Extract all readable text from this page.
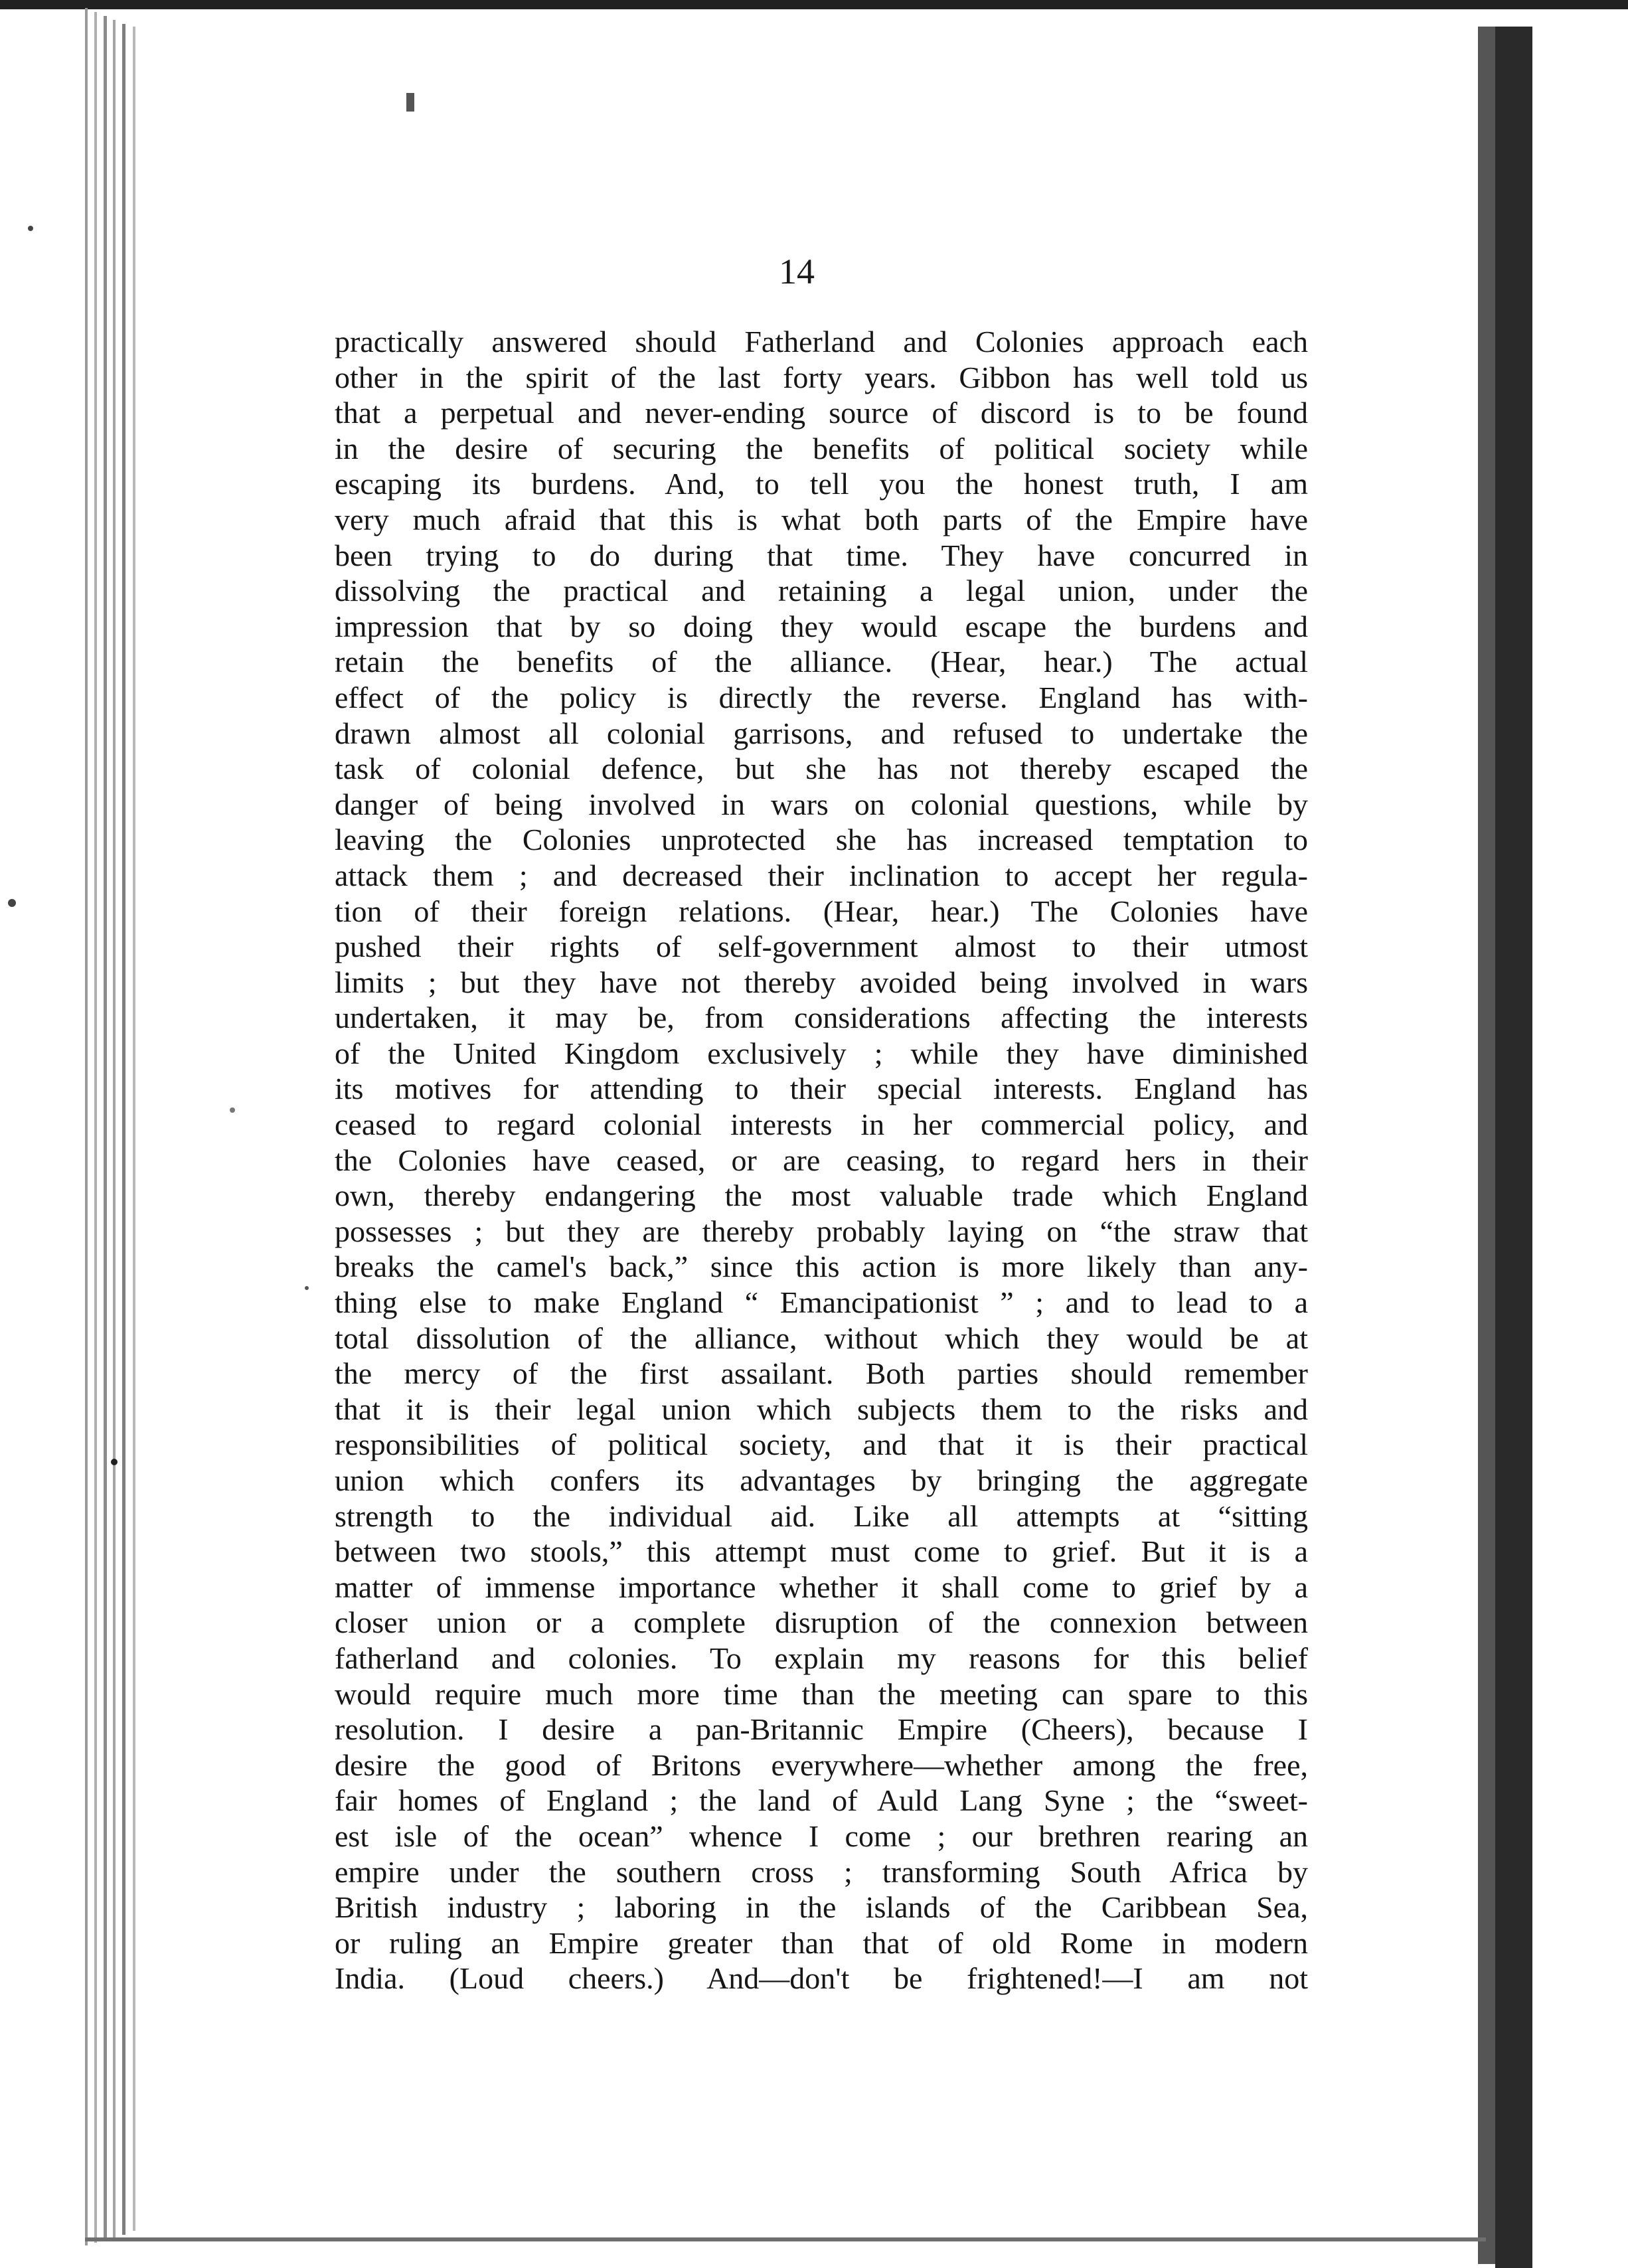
14
practically answered should Fatherland and Colonies approach each
other in the spirit of the last forty years. Gibbon has well told us
that a perpetual and never-ending source of discord is to be found
in the desire of securing the benefits of political society while
escaping its burdens. And, to tell you the honest truth, I am
very much afraid that this is what both parts of the Empire have
been trying to do during that time. They have concurred in
dissolving the practical and retaining a legal union, under the
impression that by so doing they would escape the burdens and
retain the benefits of the alliance. (Hear, hear.) The actual
effect of the policy is directly the reverse. England has with-
drawn almost all colonial garrisons, and refused to undertake the
task of colonial defence, but she has not thereby escaped the
danger of being involved in wars on colonial questions, while by
leaving the Colonies unprotected she has increased temptation to
attack them ; and decreased their inclination to accept her regula-
tion of their foreign relations. (Hear, hear.) The Colonies have
pushed their rights of self-government almost to their utmost
limits ; but they have not thereby avoided being involved in wars
undertaken, it may be, from considerations affecting the interests
of the United Kingdom exclusively ; while they have diminished
its motives for attending to their special interests. England has
ceased to regard colonial interests in her commercial policy, and
the Colonies have ceased, or are ceasing, to regard hers in their
own, thereby endangering the most valuable trade which England
possesses ; but they are thereby probably laying on “the straw that
breaks the camel's back,” since this action is more likely than any-
thing else to make England “ Emancipationist ” ; and to lead to a
total dissolution of the alliance, without which they would be at
the mercy of the first assailant. Both parties should remember
that it is their legal union which subjects them to the risks and
responsibilities of political society, and that it is their practical
union which confers its advantages by bringing the aggregate
strength to the individual aid. Like all attempts at “sitting
between two stools,” this attempt must come to grief. But it is a
matter of immense importance whether it shall come to grief by a
closer union or a complete disruption of the connexion between
fatherland and colonies. To explain my reasons for this belief
would require much more time than the meeting can spare to this
resolution. I desire a pan-Britannic Empire (Cheers), because I
desire the good of Britons everywhere—whether among the free,
fair homes of England ; the land of Auld Lang Syne ; the “sweet-
est isle of the ocean” whence I come ; our brethren rearing an
empire under the southern cross ; transforming South Africa by
British industry ; laboring in the islands of the Caribbean Sea,
or ruling an Empire greater than that of old Rome in modern
India. (Loud cheers.) And—don't be frightened!—I am not
